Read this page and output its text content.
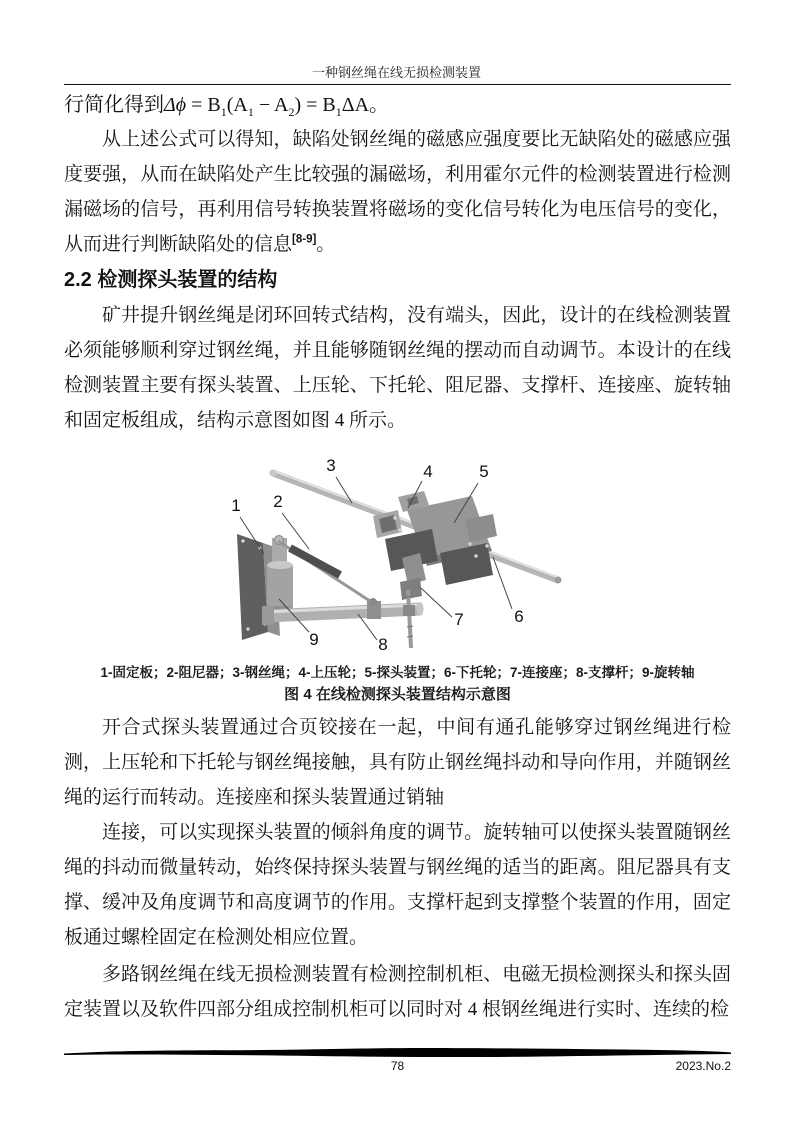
一种钢丝绳在线无损检测装置
行简化得到$\Delta\phi = B_1(A_1 - A_2) = B_1\Delta A$。
从上述公式可以得知，缺陷处钢丝绳的磁感应强度要比无缺陷处的磁感应强度要强，从而在缺陷处产生比较强的漏磁场，利用霍尔元件的检测装置进行检测漏磁场的信号，再利用信号转换装置将磁场的变化信号转化为电压信号的变化，从而进行判断缺陷处的信息[8-9]。
2.2 检测探头装置的结构
矿井提升钢丝绳是闭环回转式结构，没有端头，因此，设计的在线检测装置必须能够顺利穿过钢丝绳，并且能够随钢丝绳的摆动而自动调节。本设计的在线检测装置主要有探头装置、上压轮、下托轮、阻尼器、支撑杆、连接座、旋转轴和固定板组成，结构示意图如图 4 所示。
1 2
3	4	5
6
7
8
9
1-固定板；2-阻尼器；3-钢丝绳；4-上压轮；5-探头装置；6-下托轮；7-连接座；8-支撑杆；9-旋转轴
图 4 在线检测探头装置结构示意图
开合式探头装置通过合页铰接在一起，中间有通孔能够穿过钢丝绳进行检测，上压轮和下托轮与钢丝绳接触，具有防止钢丝绳抖动和导向作用，并随钢丝绳的运行而转动。连接座和探头装置通过销轴
连接，可以实现探头装置的倾斜角度的调节。旋转轴可以使探头装置随钢丝绳的抖动而微量转动，始终保持探头装置与钢丝绳的适当的距离。阻尼器具有支撑、缓冲及角度调节和高度调节的作用。支撑杆起到支撑整个装置的作用，固定板通过螺栓固定在检测处相应位置。
多路钢丝绳在线无损检测装置有检测控制机柜、电磁无损检测探头和探头固定装置以及软件四部分组成控制机柜可以同时对 4 根钢丝绳进行实时、连续的检
78	2023.No.2
